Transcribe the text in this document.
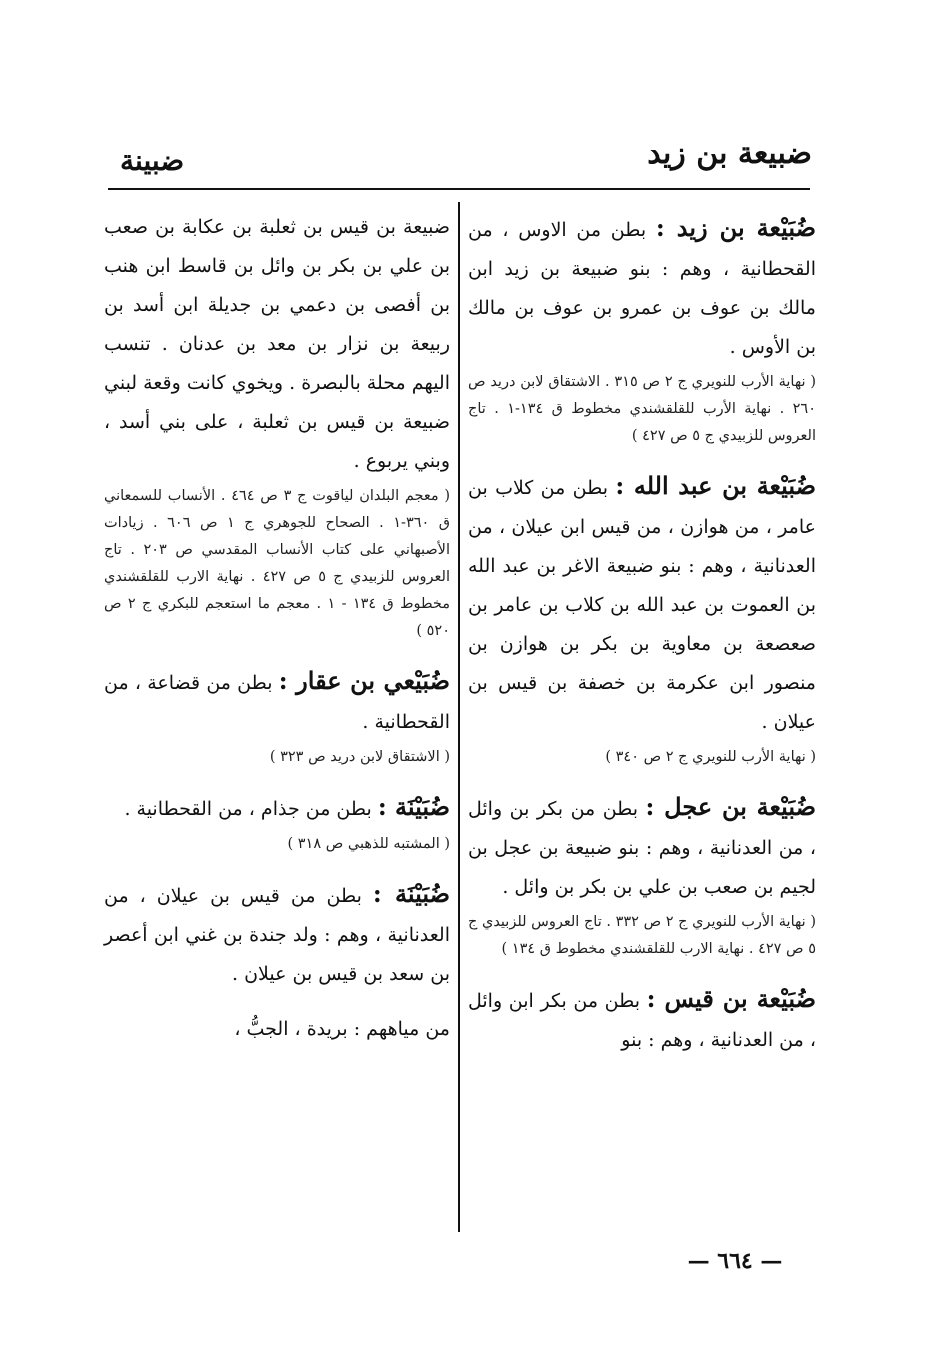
ضبيعة بن زيد
ضبينة

ضُبَيْعة بن زيد : بطن من الاوس ، من القحطانية ، وهم : بنو ضبيعة بن زيد ابن مالك بن عوف بن عمرو بن عوف بن مالك بن الأوس .

( نهاية الأرب للنويري ج ٢ ص ٣١٥ . الاشتقاق لابن دريد ص ٢٦٠ . نهاية الأرب للقلقشندي مخطوط ق ١٣٤-١ . تاج العروس للزبيدي ج ٥ ص ٤٢٧ )

ضُبَيْعة بن عبد الله : بطن من كلاب بن عامر ، من هوازن ، من قيس ابن عيلان ، من العدنانية ، وهم : بنو ضبيعة الاغر بن عبد الله بن العموت بن عبد الله بن كلاب بن عامر بن صعصعة بن معاوية بن بكر بن هوازن بن منصور ابن عكرمة بن خصفة بن قيس بن عيلان .

( نهاية الأرب للنويري ج ٢ ص ٣٤٠ )

ضُبَيْعة بن عجل : بطن من بكر بن وائل ، من العدنانية ، وهم : بنو ضبيعة بن عجل بن لجيم بن صعب بن علي بن بكر بن وائل .

( نهاية الأرب للنويري ج ٢ ص ٣٣٢ . تاج العروس للزبيدي ج ٥ ص ٤٢٧ . نهاية الارب للقلقشندي مخطوط ق ١٣٤ )

ضُبَيْعة بن قيس : بطن من بكر ابن وائل ، من العدنانية ، وهم : بنو

ضبيعة بن قيس بن ثعلبة بن عكابة بن صعب بن علي بن بكر بن وائل بن قاسط ابن هنب بن أفصى بن دعمي بن جديلة ابن أسد بن ربيعة بن نزار بن معد بن عدنان . تنسب اليهم محلة بالبصرة . ويخوي كانت وقعة لبني ضبيعة بن قيس بن ثعلبة ، على بني أسد ، وبني يربوع .

( معجم البلدان لياقوت ج ٣ ص ٤٦٤ . الأنساب للسمعاني ق ٣٦٠-١ . الصحاح للجوهري ج ١ ص ٦٠٦ . زيادات الأصبهاني على كتاب الأنساب المقدسي ص ٢٠٣ . تاج العروس للزبيدي ج ٥ ص ٤٢٧ . نهاية الارب للقلقشندي مخطوط ق ١٣٤ - ١ . معجم ما استعجم للبكري ج ٢ ص ٥٢٠ )

ضُبَيْعي بن عقار : بطن من قضاعة ، من القحطانية .

( الاشتقاق لابن دريد ص ٣٢٣ )

ضُبَيْنَة : بطن من جذام ، من القحطانية .

( المشتبه للذهبي ص ٣١٨ )

ضُبَيْنَة : بطن من قيس بن عيلان ، من العدنانية ، وهم : ولد جندة بن غني ابن أعصر بن سعد بن قيس بن عيلان .

من مياههم : بريدة ، الجبُّ ،

— ٦٦٤ —
